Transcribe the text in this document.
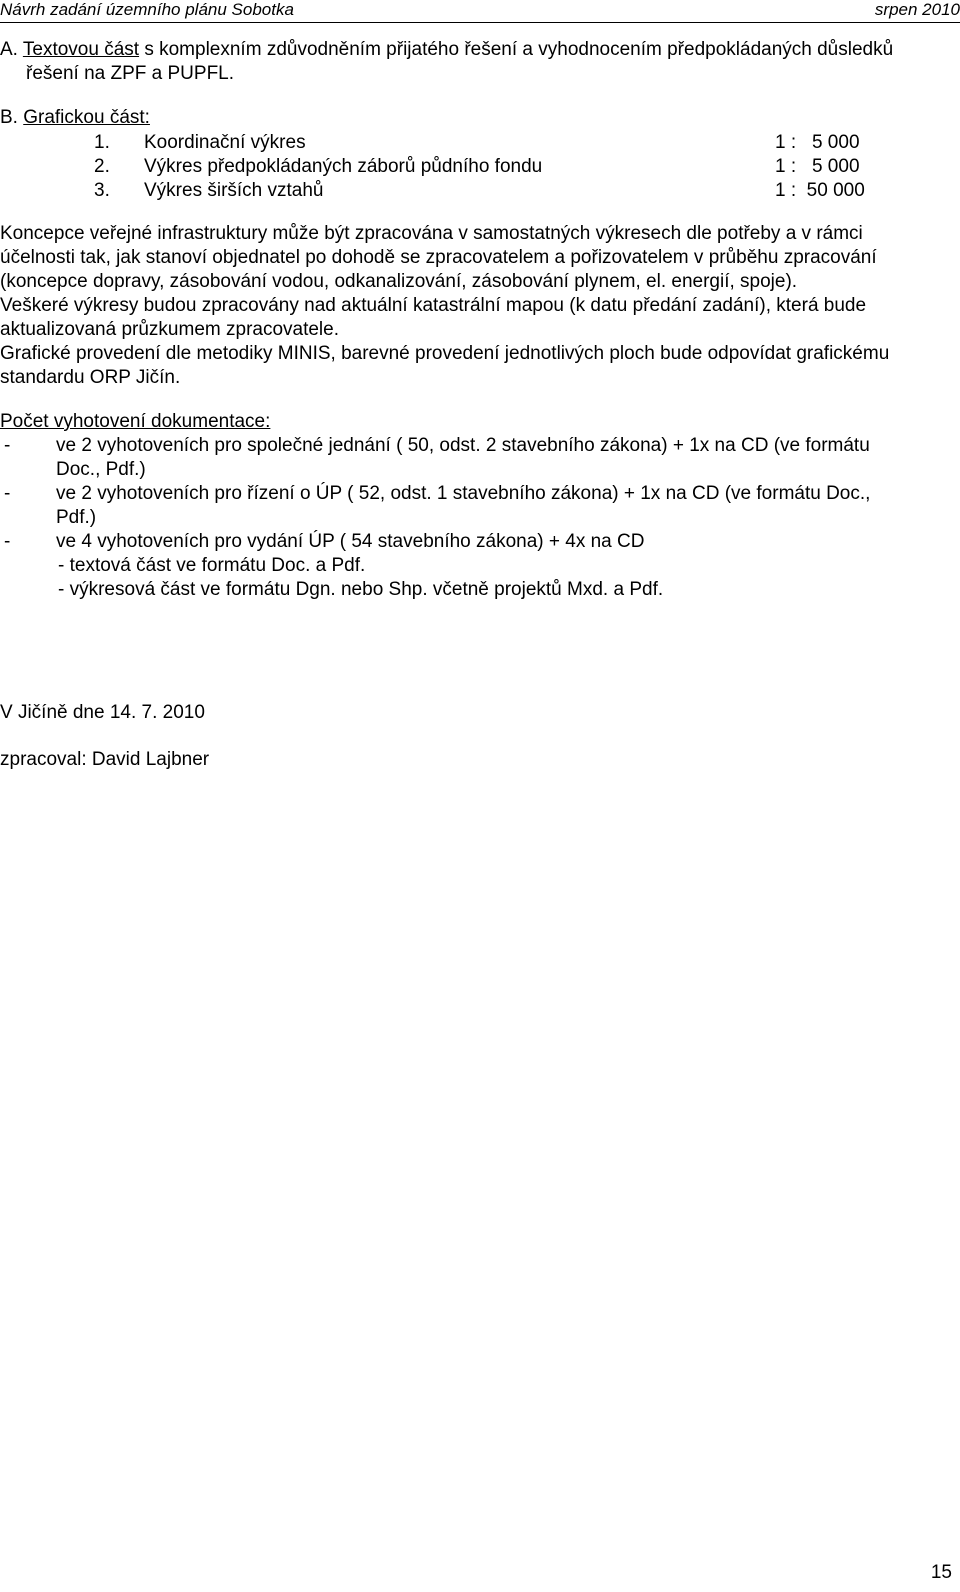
Návrh zadání územního plánu Sobotka	srpen 2010
A. Textovou část s komplexním zdůvodněním přijatého řešení a vyhodnocením předpokládaných důsledků
řešení na ZPF a PUPFL.
B. Grafickou část:
1. Koordinační výkres	1 :   5 000
2. Výkres předpokládaných záborů půdního fondu	1 :   5 000
3. Výkres širších vztahů	1 :  50 000
Koncepce veřejné infrastruktury může být zpracována v samostatných výkresech dle potřeby a v rámci
účelnosti tak, jak stanoví objednatel po dohodě se zpracovatelem a pořizovatelem v průběhu zpracování
(koncepce dopravy, zásobování vodou, odkanalizování, zásobování plynem, el. energií, spoje).
Veškeré výkresy budou zpracovány nad aktuální katastrální mapou (k datu předání zadání), která bude
aktualizovaná průzkumem zpracovatele.
Grafické provedení dle metodiky MINIS, barevné provedení jednotlivých ploch bude odpovídat grafickému
standardu ORP Jičín.
Počet vyhotovení dokumentace:
- ve 2 vyhotoveních pro společné jednání ( 50, odst. 2 stavebního zákona) + 1x na CD (ve formátu
Doc., Pdf.)
- ve 2 vyhotoveních pro řízení o ÚP ( 52, odst. 1 stavebního zákona) + 1x na CD (ve formátu Doc.,
Pdf.)
- ve 4 vyhotoveních pro vydání ÚP ( 54 stavebního zákona) + 4x na CD
- textová část ve formátu Doc. a Pdf.
- výkresová část ve formátu Dgn. nebo Shp. včetně projektů Mxd. a Pdf.
V Jičíně dne 14. 7. 2010
zpracoval: David Lajbner
15
